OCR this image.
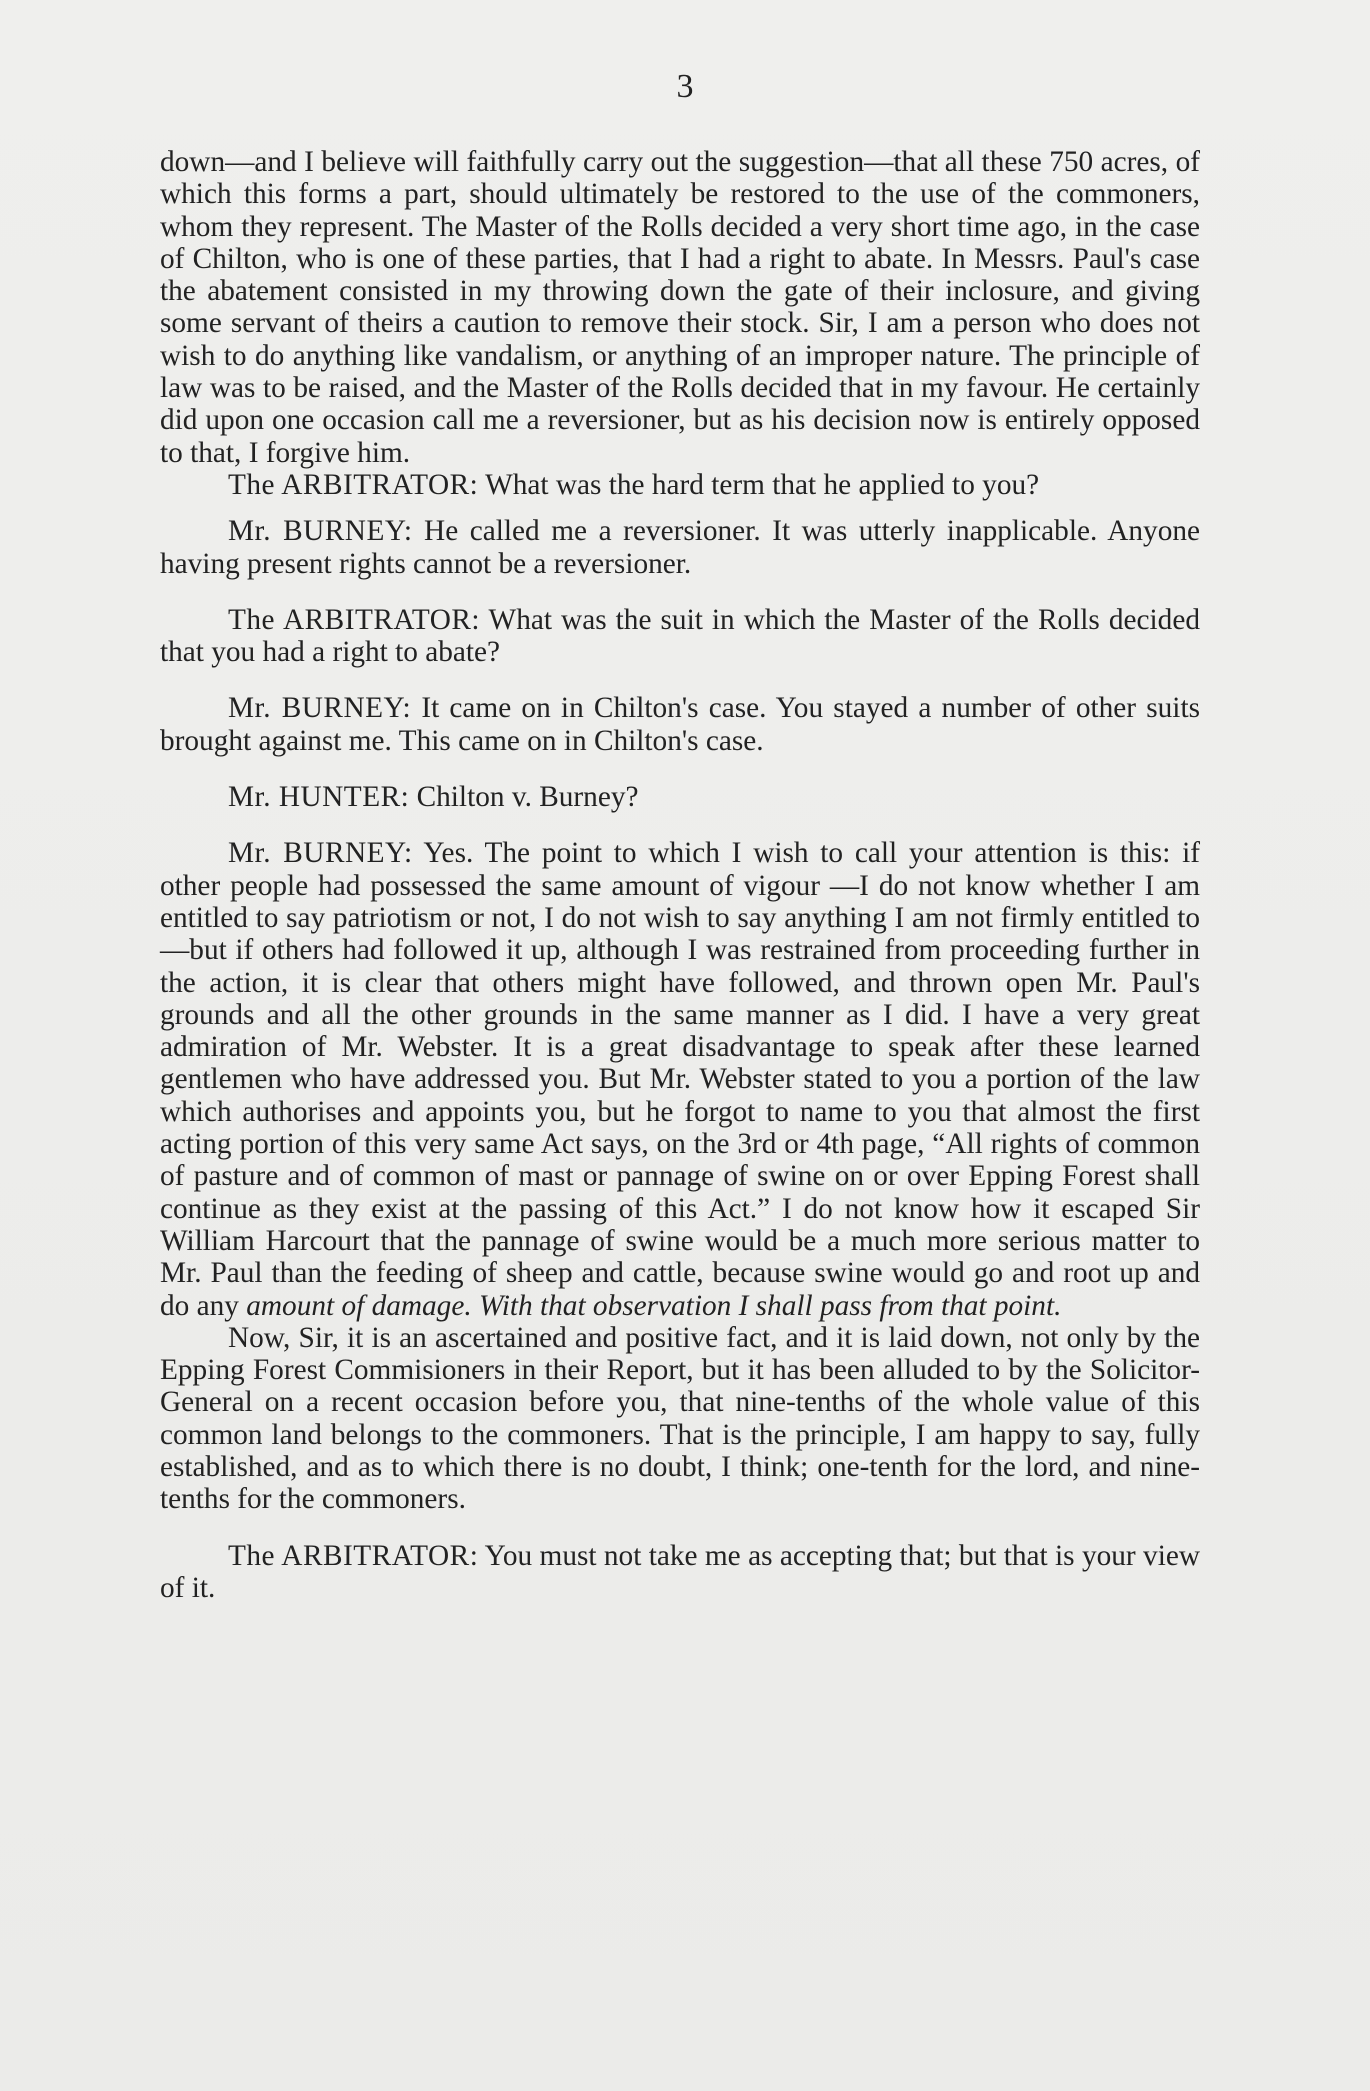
3

down—and I believe will faithfully carry out the suggestion—that all these 750 acres, of which this forms a part, should ultimately be restored to the use of the commoners, whom they represent. The Master of the Rolls decided a very short time ago, in the case of Chilton, who is one of these parties, that I had a right to abate. In Messrs. Paul's case the abatement consisted in my throwing down the gate of their inclosure, and giving some servant of theirs a caution to remove their stock. Sir, I am a person who does not wish to do anything like vandalism, or anything of an improper nature. The principle of law was to be raised, and the Master of the Rolls decided that in my favour. He certainly did upon one occasion call me a reversioner, but as his decision now is entirely opposed to that, I forgive him.

The ARBITRATOR: What was the hard term that he applied to you?

Mr. BURNEY: He called me a reversioner. It was utterly inapplicable. Anyone having present rights cannot be a reversioner.

The ARBITRATOR: What was the suit in which the Master of the Rolls decided that you had a right to abate?

Mr. BURNEY: It came on in Chilton's case. You stayed a number of other suits brought against me. This came on in Chilton's case.

Mr. HUNTER: Chilton v. Burney?

Mr. BURNEY: Yes. The point to which I wish to call your attention is this: if other people had possessed the same amount of vigour —I do not know whether I am entitled to say patriotism or not, I do not wish to say anything I am not firmly entitled to—but if others had followed it up, although I was restrained from proceeding further in the action, it is clear that others might have followed, and thrown open Mr. Paul's grounds and all the other grounds in the same manner as I did. I have a very great admiration of Mr. Webster. It is a great disadvantage to speak after these learned gentlemen who have addressed you. But Mr. Webster stated to you a portion of the law which authorises and appoints you, but he forgot to name to you that almost the first acting portion of this very same Act says, on the 3rd or 4th page, “All rights of common of pasture and of common of mast or pannage of swine on or over Epping Forest shall continue as they exist at the passing of this Act.” I do not know how it escaped Sir William Harcourt that the pannage of swine would be a much more serious matter to Mr. Paul than the feeding of sheep and cattle, because swine would go and root up and do any amount of damage. With that observation I shall pass from that point.

Now, Sir, it is an ascertained and positive fact, and it is laid down, not only by the Epping Forest Commisioners in their Report, but it has been alluded to by the Solicitor-General on a recent occasion before you, that nine-tenths of the whole value of this common land belongs to the commoners. That is the principle, I am happy to say, fully established, and as to which there is no doubt, I think; one-tenth for the lord, and nine-tenths for the commoners.

The ARBITRATOR: You must not take me as accepting that; but that is your view of it.
